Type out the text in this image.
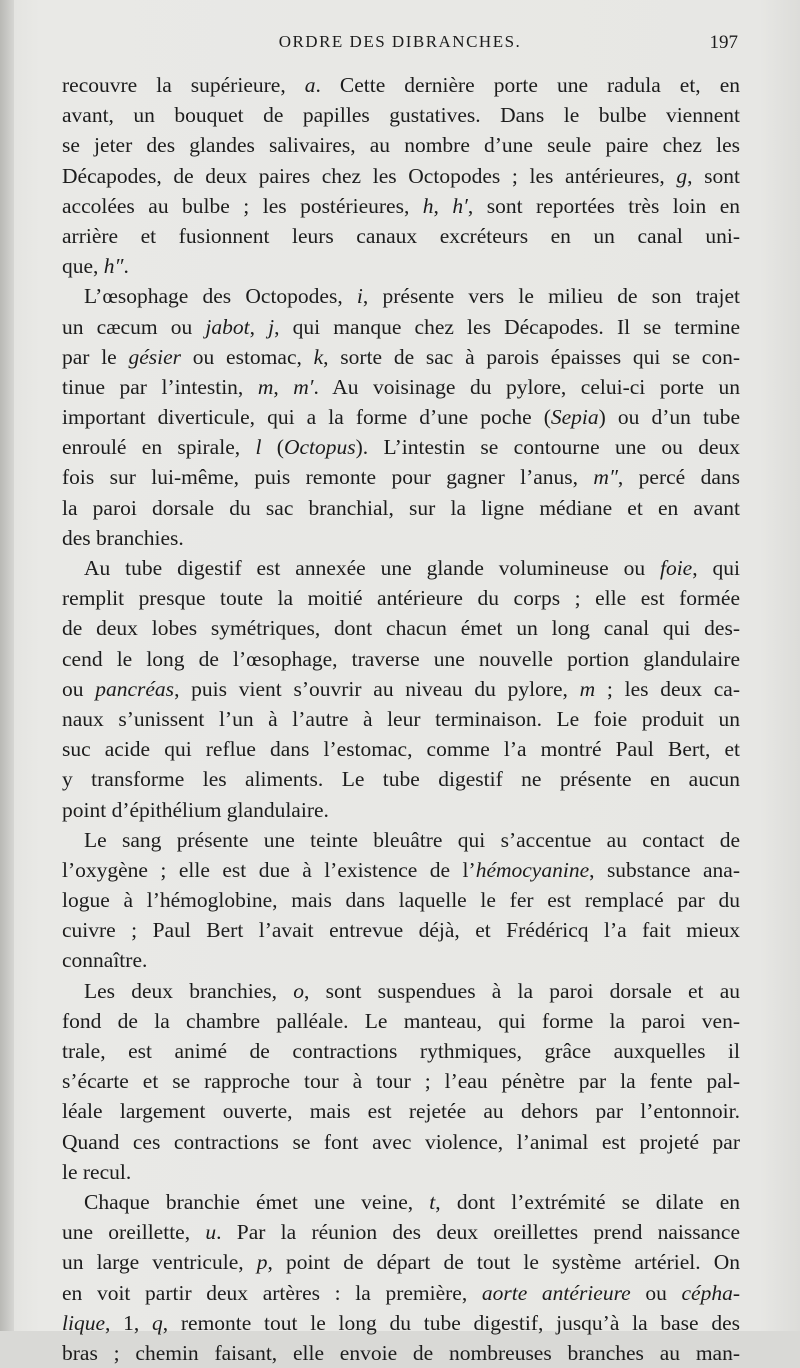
ORDRE DES DIBRANCHES.	197
recouvre la supérieure, a. Cette dernière porte une radula et, en
avant, un bouquet de papilles gustatives. Dans le bulbe viennent
se jeter des glandes salivaires, au nombre d’une seule paire chez les
Décapodes, de deux paires chez les Octopodes ; les antérieures, g, sont
accolées au bulbe ; les postérieures, h, h′, sont reportées très loin en
arrière et fusionnent leurs canaux excréteurs en un canal uni-
que, h″.
L’œsophage des Octopodes, i, présente vers le milieu de son trajet
un cæcum ou jabot, j, qui manque chez les Décapodes. Il se termine
par le gésier ou estomac, k, sorte de sac à parois épaisses qui se con-
tinue par l’intestin, m, m′. Au voisinage du pylore, celui-ci porte un
important diverticule, qui a la forme d’une poche (Sepia) ou d’un tube
enroulé en spirale, l (Octopus). L’intestin se contourne une ou deux
fois sur lui-même, puis remonte pour gagner l’anus, m″, percé dans
la paroi dorsale du sac branchial, sur la ligne médiane et en avant
des branchies.
Au tube digestif est annexée une glande volumineuse ou foie, qui
remplit presque toute la moitié antérieure du corps ; elle est formée
de deux lobes symétriques, dont chacun émet un long canal qui des-
cend le long de l’œsophage, traverse une nouvelle portion glandulaire
ou pancréas, puis vient s’ouvrir au niveau du pylore, m ; les deux ca-
naux s’unissent l’un à l’autre à leur terminaison. Le foie produit un
suc acide qui reflue dans l’estomac, comme l’a montré Paul Bert, et
y transforme les aliments. Le tube digestif ne présente en aucun
point d’épithélium glandulaire.
Le sang présente une teinte bleuâtre qui s’accentue au contact de
l’oxygène ; elle est due à l’existence de l’hémocyanine, substance ana-
logue à l’hémoglobine, mais dans laquelle le fer est remplacé par du
cuivre ; Paul Bert l’avait entrevue déjà, et Frédéricq l’a fait mieux
connaître.
Les deux branchies, o, sont suspendues à la paroi dorsale et au
fond de la chambre palléale. Le manteau, qui forme la paroi ven-
trale, est animé de contractions rythmiques, grâce auxquelles il
s’écarte et se rapproche tour à tour ; l’eau pénètre par la fente pal-
léale largement ouverte, mais est rejetée au dehors par l’entonnoir.
Quand ces contractions se font avec violence, l’animal est projeté par
le recul.
Chaque branchie émet une veine, t, dont l’extrémité se dilate en
une oreillette, u. Par la réunion des deux oreillettes prend naissance
un large ventricule, p, point de départ de tout le système artériel. On
en voit partir deux artères : la première, aorte antérieure ou cépha-
lique, 1, q, remonte tout le long du tube digestif, jusqu’à la base des
bras ; chemin faisant, elle envoie de nombreuses branches au man-
